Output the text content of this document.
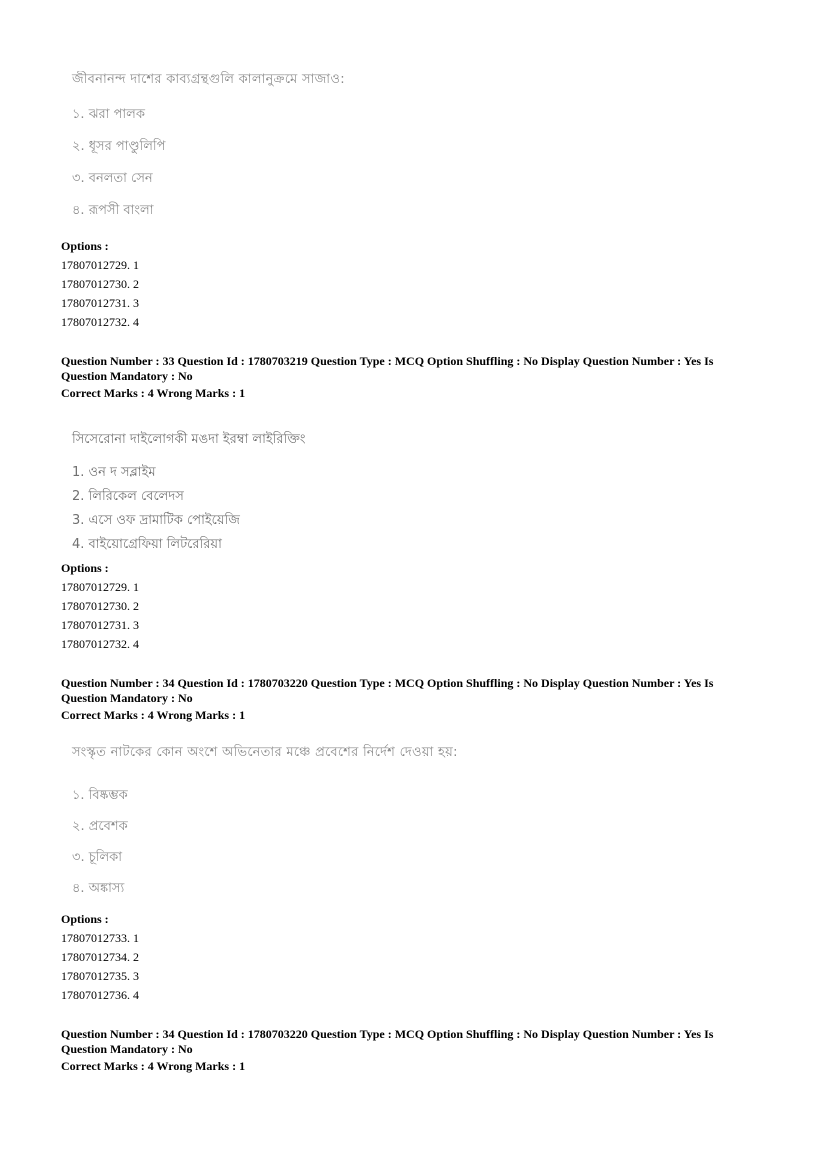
জীবনানন্দ দাশের কাব্যগ্রন্থগুলি কালানুক্রমে সাজাও:
১. ঝরা পালক
২. ধূসর পাণ্ডুলিপি
৩. বনলতা সেন
৪. রূপসী বাংলা
Options :
17807012729. 1
17807012730. 2
17807012731. 3
17807012732. 4
Question Number : 33 Question Id : 1780703219 Question Type : MCQ Option Shuffling : No Display Question Number : Yes Is Question Mandatory : No
Correct Marks : 4 Wrong Marks : 1
সিসেরোনা দাইলোগকী মঙদা ইরম্বা লাইরিক্তিং
1. ওন দ সব্লাইম
2. লিরিকেল বেলেদস
3. এসে ওফ দ্রামাটিক পোইয়েজি
4. বাইয়োগ্রেফিয়া লিটরেরিয়া
Options :
17807012729. 1
17807012730. 2
17807012731. 3
17807012732. 4
Question Number : 34 Question Id : 1780703220 Question Type : MCQ Option Shuffling : No Display Question Number : Yes Is Question Mandatory : No
Correct Marks : 4 Wrong Marks : 1
সংস্কৃত নাটকের কোন অংশে অভিনেতার মঞ্চে প্রবেশের নির্দেশ দেওয়া হয়:
১. বিষ্কম্ভক
২. প্রবেশক
৩. চূলিকা
৪. অঙ্কাস্য
Options :
17807012733. 1
17807012734. 2
17807012735. 3
17807012736. 4
Question Number : 34 Question Id : 1780703220 Question Type : MCQ Option Shuffling : No Display Question Number : Yes Is Question Mandatory : No
Correct Marks : 4 Wrong Marks : 1
